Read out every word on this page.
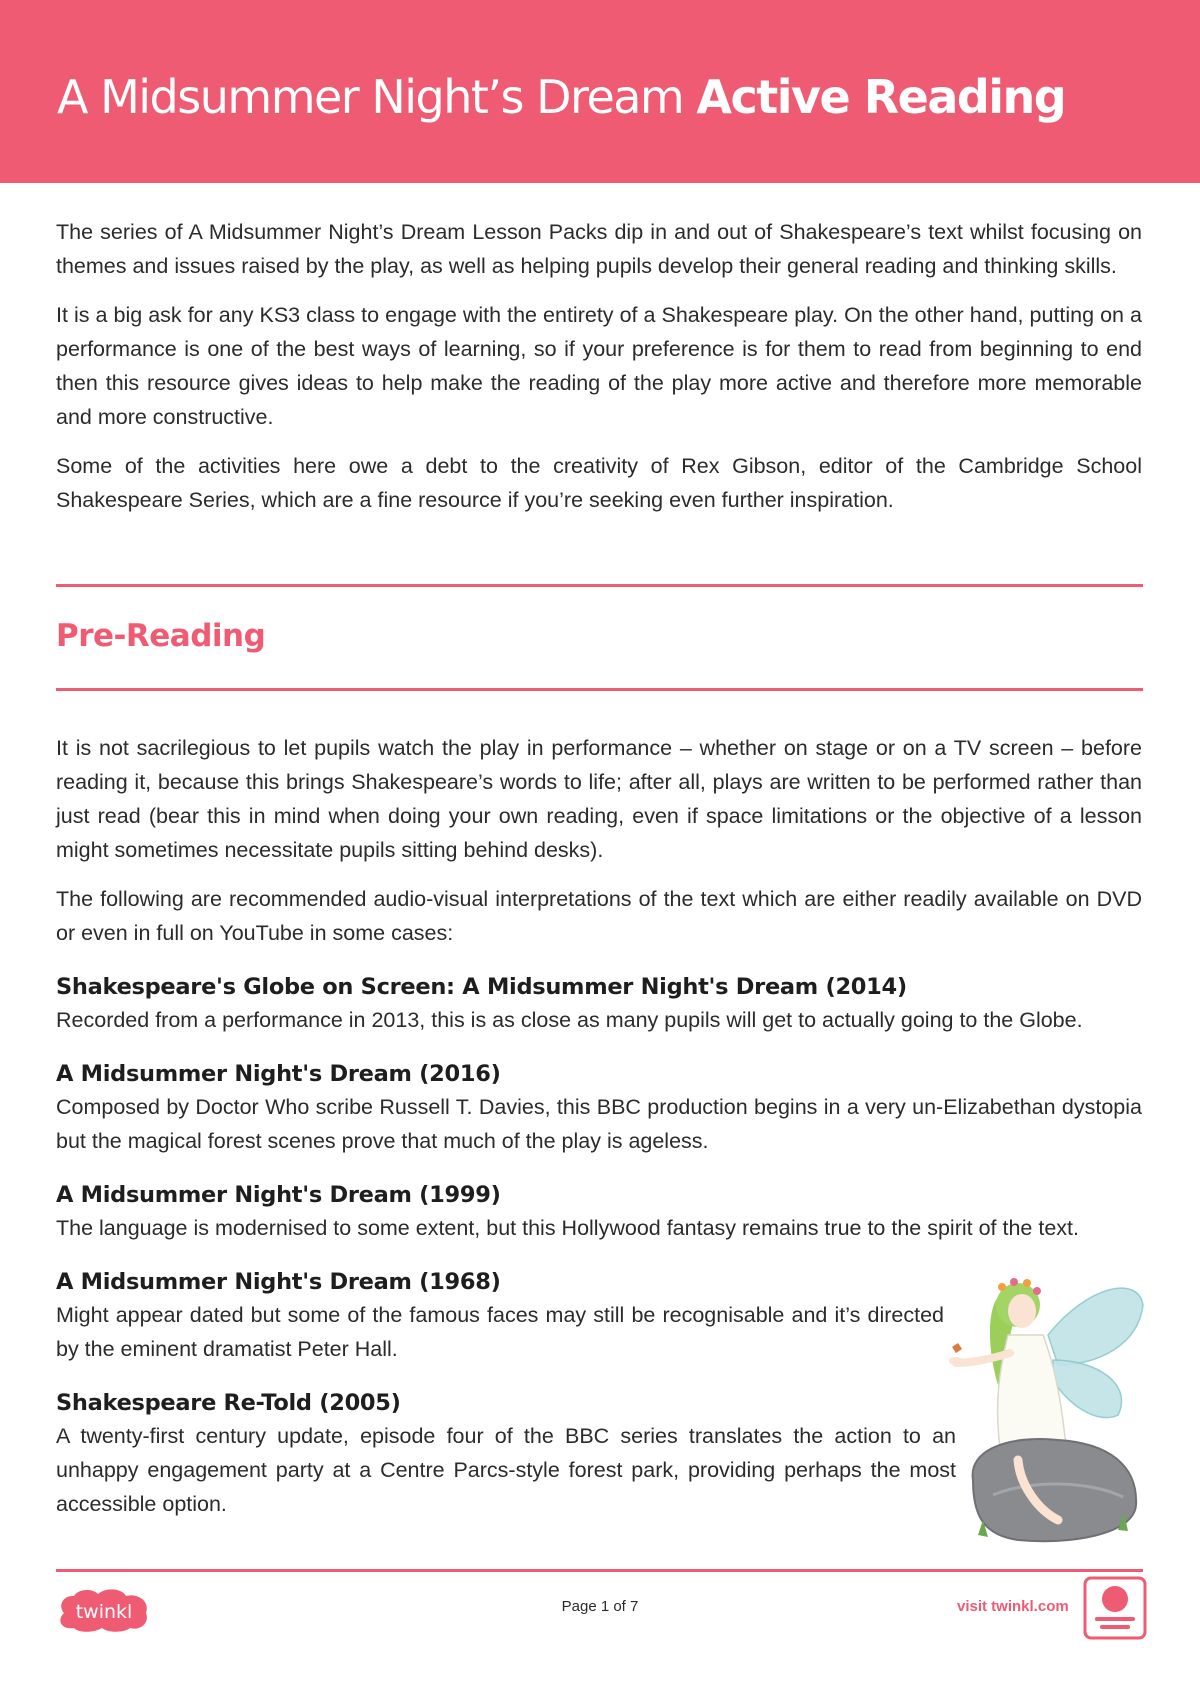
A Midsummer Night’s Dream Active Reading

The series of A Midsummer Night’s Dream Lesson Packs dip in and out of Shakespeare’s text whilst focusing on themes and issues raised by the play, as well as helping pupils develop their general reading and thinking skills.

It is a big ask for any KS3 class to engage with the entirety of a Shakespeare play. On the other hand, putting on a performance is one of the best ways of learning, so if your preference is for them to read from beginning to end then this resource gives ideas to help make the reading of the play more active and therefore more memorable and more constructive.

Some of the activities here owe a debt to the creativity of Rex Gibson, editor of the Cambridge School Shakespeare Series, which are a fine resource if you’re seeking even further inspiration.

Pre-Reading

It is not sacrilegious to let pupils watch the play in performance – whether on stage or on a TV screen – before reading it, because this brings Shakespeare’s words to life; after all, plays are written to be performed rather than just read (bear this in mind when doing your own reading, even if space limitations or the objective of a lesson might sometimes necessitate pupils sitting behind desks).

The following are recommended audio-visual interpretations of the text which are either readily available on DVD or even in full on YouTube in some cases:

Shakespeare's Globe on Screen: A Midsummer Night's Dream (2014)

Recorded from a performance in 2013, this is as close as many pupils will get to actually going to the Globe.

A Midsummer Night's Dream (2016)

Composed by Doctor Who scribe Russell T. Davies, this BBC production begins in a very un-Elizabethan dystopia but the magical forest scenes prove that much of the play is ageless.

A Midsummer Night's Dream (1999)

The language is modernised to some extent, but this Hollywood fantasy remains true to the spirit of the text.

A Midsummer Night's Dream (1968)

Might appear dated but some of the famous faces may still be recognisable and it’s directed by the eminent dramatist Peter Hall.

Shakespeare Re-Told (2005)

A twenty-first century update, episode four of the BBC series translates the action to an unhappy engagement party at a Centre Parcs-style forest park, providing perhaps the most accessible option.

twinkl	Page 1 of 7	visit twinkl.com
